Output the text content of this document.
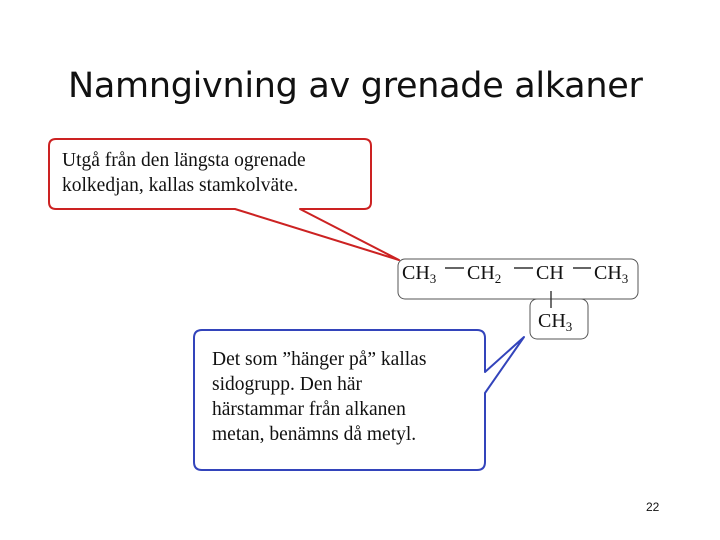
Namngivning av grenade alkaner
Utgå från den längsta ogrenade
kolkedjan, kallas stamkolväte.
$CH_3$ $CH_2$ CH $CH_3$
$CH_3$
Det som ”hänger på” kallas
sidogrupp. Den här
härstammar från alkanen
metan, benämns då metyl.
22
